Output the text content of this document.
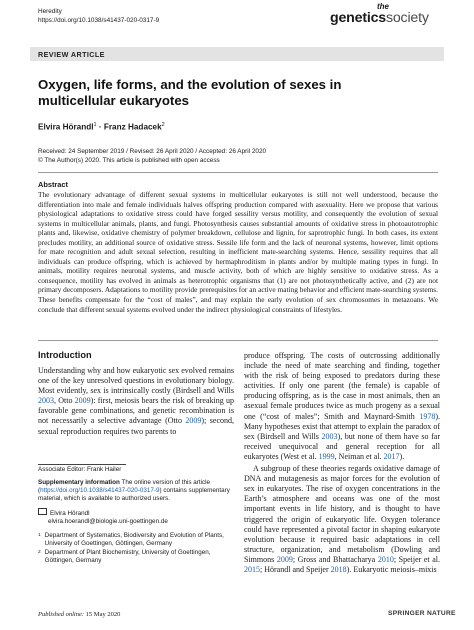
Heredity
https://doi.org/10.1038/s41437-020-0317-9
the
geneticssociety
REVIEW ARTICLE
Oxygen, life forms, and the evolution of sexes in multicellular eukaryotes
Elvira Hörandl$^1$ · Franz Hadacek$^2$
Received: 24 September 2019 / Revised: 26 April 2020 / Accepted: 26 April 2020
© The Author(s) 2020. This article is published with open access
Abstract
The evolutionary advantage of different sexual systems in multicellular eukaryotes is still not well understood, because the differentiation into male and female individuals halves offspring production compared with asexuality. Here we propose that various physiological adaptations to oxidative stress could have forged sessility versus motility, and consequently the evolution of sexual systems in multicellular animals, plants, and fungi. Photosynthesis causes substantial amounts of oxidative stress in photoautotrophic plants and, likewise, oxidative chemistry of polymer breakdown, cellulose and lignin, for saprotrophic fungi. In both cases, its extent precludes motility, an additional source of oxidative stress. Sessile life form and the lack of neuronal systems, however, limit options for mate recognition and adult sexual selection, resulting in inefficient mate-searching systems. Hence, sessility requires that all individuals can produce offspring, which is achieved by hermaphroditism in plants and/or by multiple mating types in fungi. In animals, motility requires neuronal systems, and muscle activity, both of which are highly sensitive to oxidative stress. As a consequence, motility has evolved in animals as heterotrophic organisms that (1) are not photosynthetically active, and (2) are not primary decomposers. Adaptations to motility provide prerequisites for an active mating behavior and efficient mate-searching systems. These benefits compensate for the “cost of males”, and may explain the early evolution of sex chromosomes in metazoans. We conclude that different sexual systems evolved under the indirect physiological constraints of lifestyles.
Introduction
Understanding why and how eukaryotic sex evolved remains one of the key unresolved questions in evolutionary biology. Most evidently, sex is intrinsically costly (Birdsell and Wills 2003, Otto 2009): first, meiosis bears the risk of breaking up favorable gene combinations, and genetic recombination is not necessarily a selective advantage (Otto 2009); second, sexual reproduction requires two parents to
Associate Editor: Frank Hailer
Supplementary information The online version of this article (https://doi.org/10.1038/s41437-020-0317-9) contains supplementary material, which is available to authorized users.
Elvira Hörandl
elvira.hoerandl@biologie.uni-goettingen.de
1	Department of Systematics, Biodiversity and Evolution of Plants, University of Goettingen, Göttingen, Germany
2	Department of Plant Biochemistry, University of Goettingen, Göttingen, Germany
produce offspring. The costs of outcrossing additionally include the need of mate searching and finding, together with the risk of being exposed to predators during these activities. If only one parent (the female) is capable of producing offspring, as is the case in most animals, then an asexual female produces twice as much progeny as a sexual one (“cost of males”; Smith and Maynard-Smith 1978). Many hypotheses exist that attempt to explain the paradox of sex (Birdsell and Wills 2003), but none of them have so far received unequivocal and general reception for all eukaryotes (West et al. 1999, Neiman et al. 2017).
A subgroup of these theories regards oxidative damage of DNA and mutagenesis as major forces for the evolution of sex in eukaryotes. The rise of oxygen concentrations in the Earth’s atmosphere and oceans was one of the most important events in life history, and is thought to have triggered the origin of eukaryotic life. Oxygen tolerance could have represented a pivotal factor in shaping eukaryote evolution because it required basic adaptations in cell structure, organization, and metabolism (Dowling and Simmons 2009; Gross and Bhattacharya 2010; Speijer et al. 2015; Hörandl and Speijer 2018). Eukaryotic meiosis–mixis
Published online: 15 May 2020	SPRINGER NATURE
